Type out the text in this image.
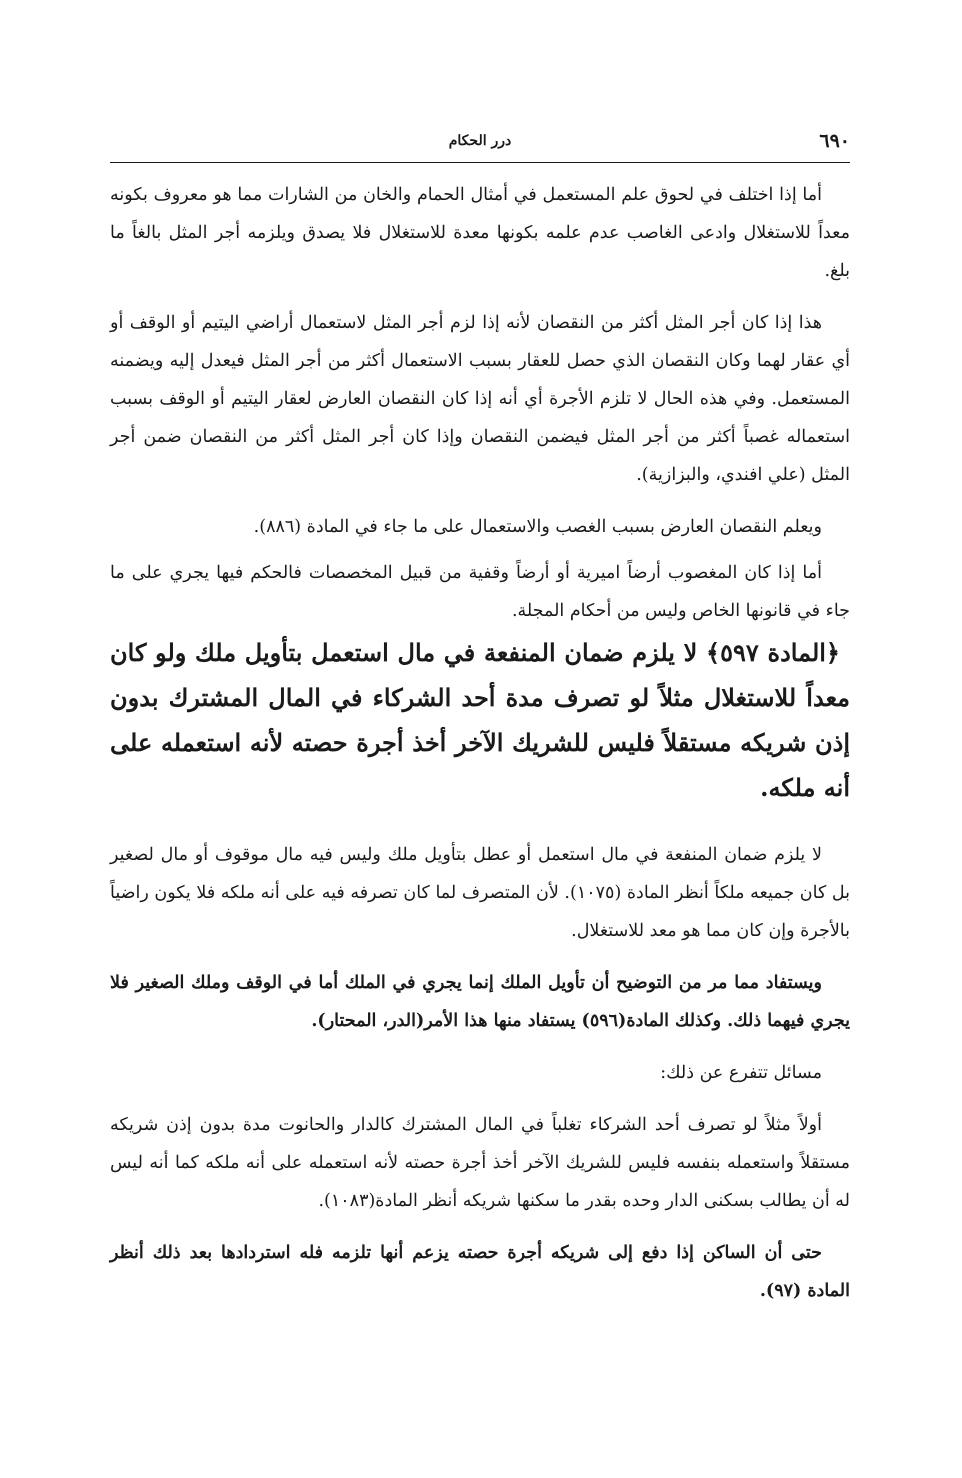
٦٩٠
درر الحكام

أما إذا اختلف في لحوق علم المستعمل في أمثال الحمام والخان من الشارات مما هو معروف بكونه معداً للاستغلال وادعى الغاصب عدم علمه بكونها معدة للاستغلال فلا يصدق ويلزمه أجر المثل بالغاً ما بلغ.

هذا إذا كان أجر المثل أكثر من النقصان لأنه إذا لزم أجر المثل لاستعمال أراضي اليتيم أو الوقف أو أي عقار لهما وكان النقصان الذي حصل للعقار بسبب الاستعمال أكثر من أجر المثل فيعدل إليه ويضمنه المستعمل. وفي هذه الحال لا تلزم الأجرة أي أنه إذا كان النقصان العارض لعقار اليتيم أو الوقف بسبب استعماله غصباً أكثر من أجر المثل فيضمن النقصان وإذا كان أجر المثل أكثر من النقصان ضمن أجر المثل (علي افندي، والبزازية).

ويعلم النقصان العارض بسبب الغصب والاستعمال على ما جاء في المادة (٨٨٦).

أما إذا كان المغصوب أرضاً اميرية أو أرضاً وقفية من قبيل المخصصات فالحكم فيها يجري على ما جاء في قانونها الخاص وليس من أحكام المجلة.

﴿المادة ٥٩٧﴾ لا يلزم ضمان المنفعة في مال استعمل بتأويل ملك ولو كان معداً للاستغلال مثلاً لو تصرف مدة أحد الشركاء في المال المشترك بدون إذن شريكه مستقلاً فليس للشريك الآخر أخذ أجرة حصته لأنه استعمله على أنه ملكه.

لا يلزم ضمان المنفعة في مال استعمل أو عطل بتأويل ملك وليس فيه مال موقوف أو مال لصغير بل كان جميعه ملكاً أنظر المادة (١٠٧٥). لأن المتصرف لما كان تصرفه فيه على أنه ملكه فلا يكون راضياً بالأجرة وإن كان مما هو معد للاستغلال.

ويستفاد مما مر من التوضيح أن تأويل الملك إنما يجري في الملك أما في الوقف وملك الصغير فلا يجري فيهما ذلك. وكذلك المادة(٥٩٦) يستفاد منها هذا الأمر(الدر، المحتار).

مسائل تتفرع عن ذلك:

أولاً مثلاً لو تصرف أحد الشركاء تغلباً في المال المشترك كالدار والحانوت مدة بدون إذن شريكه مستقلاً واستعمله بنفسه فليس للشريك الآخر أخذ أجرة حصته لأنه استعمله على أنه ملكه كما أنه ليس له أن يطالب بسكنى الدار وحده بقدر ما سكنها شريكه أنظر المادة(١٠٨٣).

حتى أن الساكن إذا دفع إلى شريكه أجرة حصته يزعم أنها تلزمه فله استردادها بعد ذلك أنظر المادة (٩٧).
